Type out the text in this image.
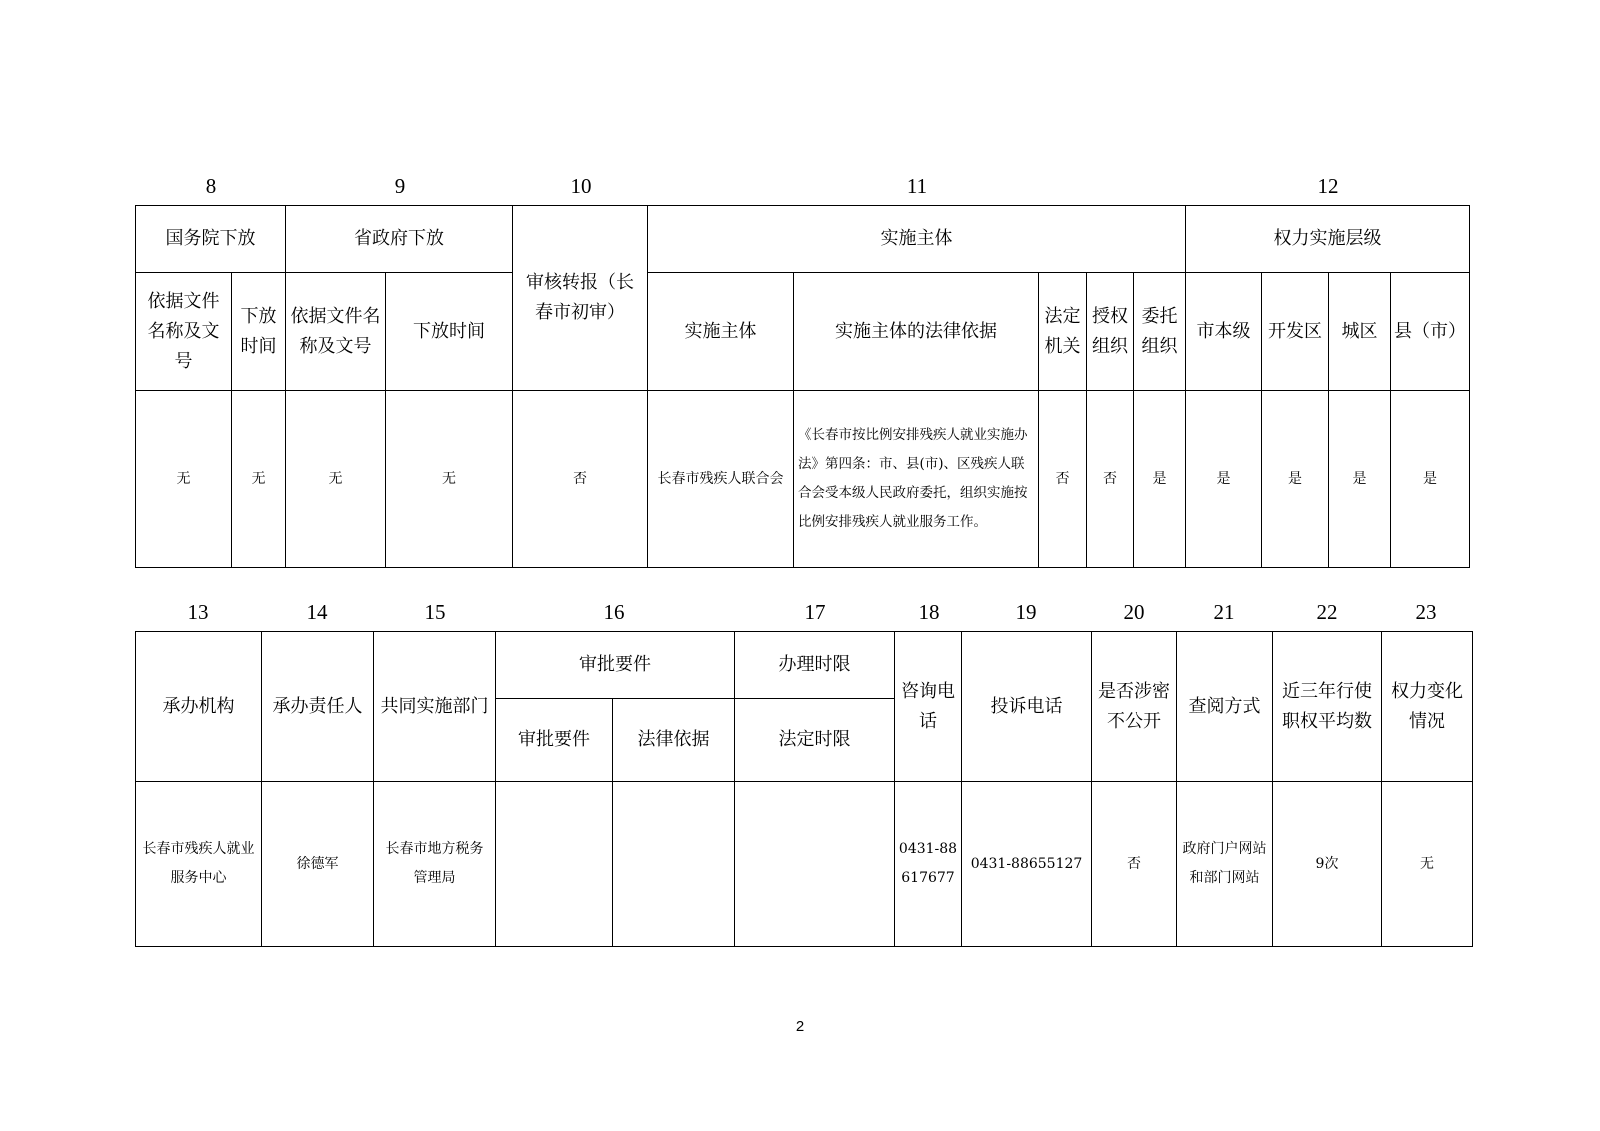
8	9	10	11	12
国务院下放		省政府下放		审核转报（长春市初审）	实施主体					权力实施层级			
依据文件名称及文号	下放时间	依据文件名称及文号	下放时间		实施主体	实施主体的法律依据	法定机关	授权组织	委托组织	市本级	开发区	城区	县（市）
无	无	无	无	否	长春市残疾人联合会	《长春市按比例安排残疾人就业实施办法》第四条：市、县(市)、区残疾人联合会受本级人民政府委托，组织实施按比例安排残疾人就业服务工作。	否	否	是	是	是	是	是
13	14	15	16	17	18	19	20	21	22	23
承办机构	承办责任人	共同实施部门	审批要件		办理时限	咨询电话	投诉电话	是否涉密不公开	查阅方式	近三年行使职权平均数	权力变化情况
			审批要件	法律依据	法定时限						
长春市残疾人就业服务中心	徐德军	长春市地方税务管理局				0431-88617677	0431-88655127	否	政府门户网站和部门网站	9次	无
2
